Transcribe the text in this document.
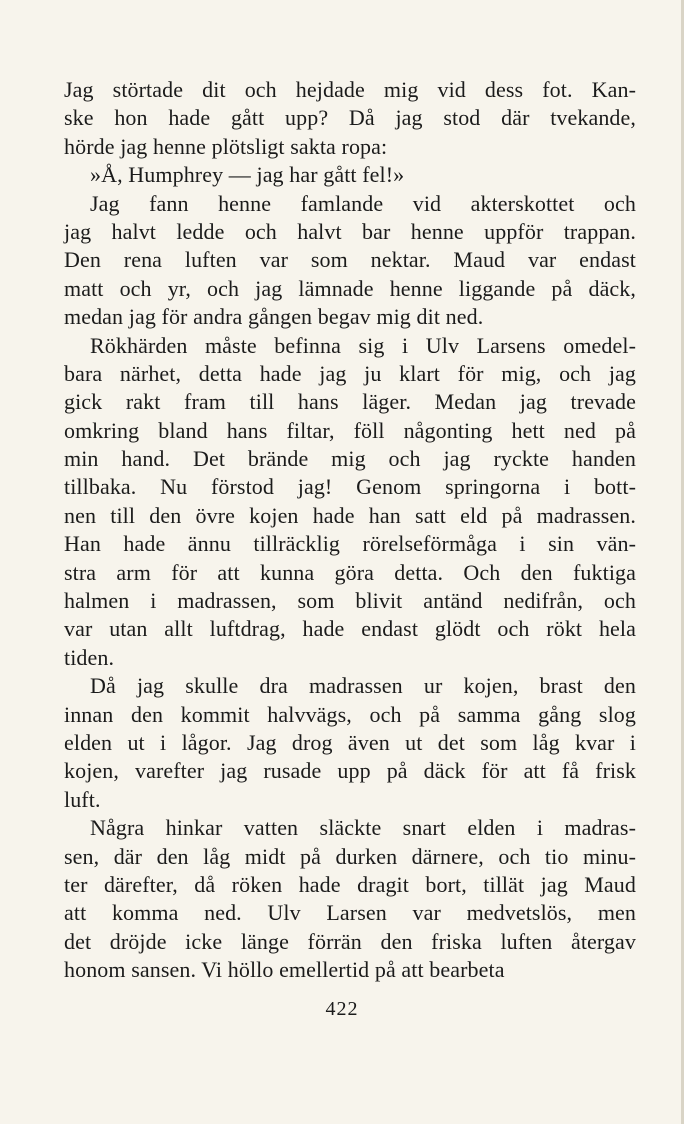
Jag störtade dit och hejdade mig vid dess fot. Kan-
ske hon hade gått upp? Då jag stod där tvekande,
hörde jag henne plötsligt sakta ropa:
»Å, Humphrey — jag har gått fel!»
Jag fann henne famlande vid akterskottet och
jag halvt ledde och halvt bar henne uppför trappan.
Den rena luften var som nektar. Maud var endast
matt och yr, och jag lämnade henne liggande på däck,
medan jag för andra gången begav mig dit ned.
Rökhärden måste befinna sig i Ulv Larsens omedel-
bara närhet, detta hade jag ju klart för mig, och jag
gick rakt fram till hans läger. Medan jag trevade
omkring bland hans filtar, föll någonting hett ned på
min hand. Det brände mig och jag ryckte handen
tillbaka. Nu förstod jag! Genom springorna i bott-
nen till den övre kojen hade han satt eld på madrassen.
Han hade ännu tillräcklig rörelseförmåga i sin vän-
stra arm för att kunna göra detta. Och den fuktiga
halmen i madrassen, som blivit antänd nedifrån, och
var utan allt luftdrag, hade endast glödt och rökt hela
tiden.
Då jag skulle dra madrassen ur kojen, brast den
innan den kommit halvvägs, och på samma gång slog
elden ut i lågor. Jag drog även ut det som låg kvar i
kojen, varefter jag rusade upp på däck för att få frisk
luft.
Några hinkar vatten släckte snart elden i madras-
sen, där den låg midt på durken därnere, och tio minu-
ter därefter, då röken hade dragit bort, tillät jag Maud
att komma ned. Ulv Larsen var medvetslös, men
det dröjde icke länge förrän den friska luften återgav
honom sansen. Vi höllo emellertid på att bearbeta
422
